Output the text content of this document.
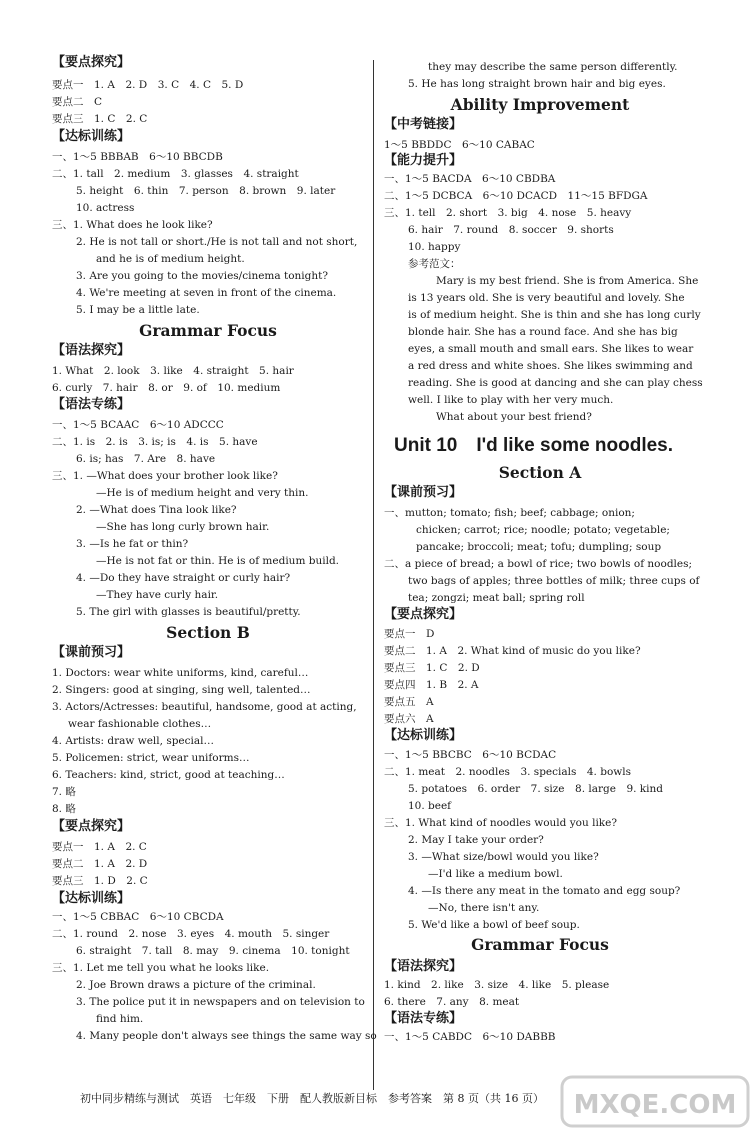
【要点探究】
要点一　1. A　2. D　3. C　4. C　5. D
要点二　C
要点三　1. C　2. C
【达标训练】
一、1～5 BBBAB　6～10 BBCDB
二、1. tall　2. medium　3. glasses　4. straight
5. height　6. thin　7. person　8. brown　9. later
10. actress
三、1. What does he look like?
2. He is not tall or short./He is not tall and not short,
and he is of medium height.
3. Are you going to the movies/cinema tonight?
4. We're meeting at seven in front of the cinema.
5. I may be a little late.
【语法探究】
1. What　2. look　3. like　4. straight　5. hair
6. curly　7. hair　8. or　9. of　10. medium
【语法专练】
一、1～5 BCAAC　6～10 ADCCC
二、1. is　2. is　3. is; is　4. is　5. have
6. is; has　7. Are　8. have
三、1. —What does your brother look like?
—He is of medium height and very thin.
2. —What does Tina look like?
—She has long curly brown hair.
3. —Is he fat or thin?
—He is not fat or thin. He is of medium build.
4. —Do they have straight or curly hair?
—They have curly hair.
5. The girl with glasses is beautiful/pretty.
【课前预习】
1. Doctors: wear white uniforms, kind, careful…
2. Singers: good at singing, sing well, talented…
3. Actors/Actresses: beautiful, handsome, good at acting,
wear fashionable clothes…
4. Artists: draw well, special…
5. Policemen: strict, wear uniforms…
6. Teachers: kind, strict, good at teaching…
7. 略
8. 略
【要点探究】
要点一　1. A　2. C
要点二　1. A　2. D
要点三　1. D　2. C
【达标训练】
一、1～5 CBBAC　6～10 CBCDA
二、1. round　2. nose　3. eyes　4. mouth　5. singer
6. straight　7. tall　8. may　9. cinema　10. tonight
三、1. Let me tell you what he looks like.
2. Joe Brown draws a picture of the criminal.
3. The police put it in newspapers and on television to
find him.
4. Many people don't always see things the same way so
Grammar Focus
Section B
Unit 10　I'd like some noodles.
they may describe the same person differently.
5. He has long straight brown hair and big eyes.
【中考链接】
1～5 BBDDC　6～10 CABAC
【能力提升】
一、1～5 BACDA　6～10 CBDBA
二、1～5 DCBCA　6～10 DCACD　11～15 BFDGA
三、1. tell　2. short　3. big　4. nose　5. heavy
6. hair　7. round　8. soccer　9. shorts
10. happy
参考范文：
Mary is my best friend. She is from America. She
is 13 years old. She is very beautiful and lovely. She
is of medium height. She is thin and she has long curly
blonde hair. She has a round face. And she has big
eyes, a small mouth and small ears. She likes to wear
a red dress and white shoes. She likes swimming and
reading. She is good at dancing and she can play chess
well. I like to play with her very much.
What about your best friend?
【课前预习】
一、mutton; tomato; fish; beef; cabbage; onion;
chicken; carrot; rice; noodle; potato; vegetable;
pancake; broccoli; meat; tofu; dumpling; soup
二、a piece of bread; a bowl of rice; two bowls of noodles;
two bags of apples; three bottles of milk; three cups of
tea; zongzi; meat ball; spring roll
【要点探究】
要点一　D
要点二　1. A　2. What kind of music do you like?
要点三　1. C　2. D
要点四　1. B　2. A
要点五　A
要点六　A
【达标训练】
一、1～5 BBCBC　6～10 BCDAC
二、1. meat　2. noodles　3. specials　4. bowls
5. potatoes　6. order　7. size　8. large　9. kind
10. beef
三、1. What kind of noodles would you like?
2. May I take your order?
3. —What size/bowl would you like?
—I'd like a medium bowl.
4. —Is there any meat in the tomato and egg soup?
—No, there isn't any.
5. We'd like a bowl of beef soup.
【语法探究】
1. kind　2. like　3. size　4. like　5. please
6. there　7. any　8. meat
【语法专练】
一、1～5 CABDC　6～10 DABBB
Ability Improvement
Section A
Grammar Focus
初中同步精练与测试　英语　七年级　下册　配人教版新目标　参考答案　第 8 页（共 16 页） MXQE.COM
